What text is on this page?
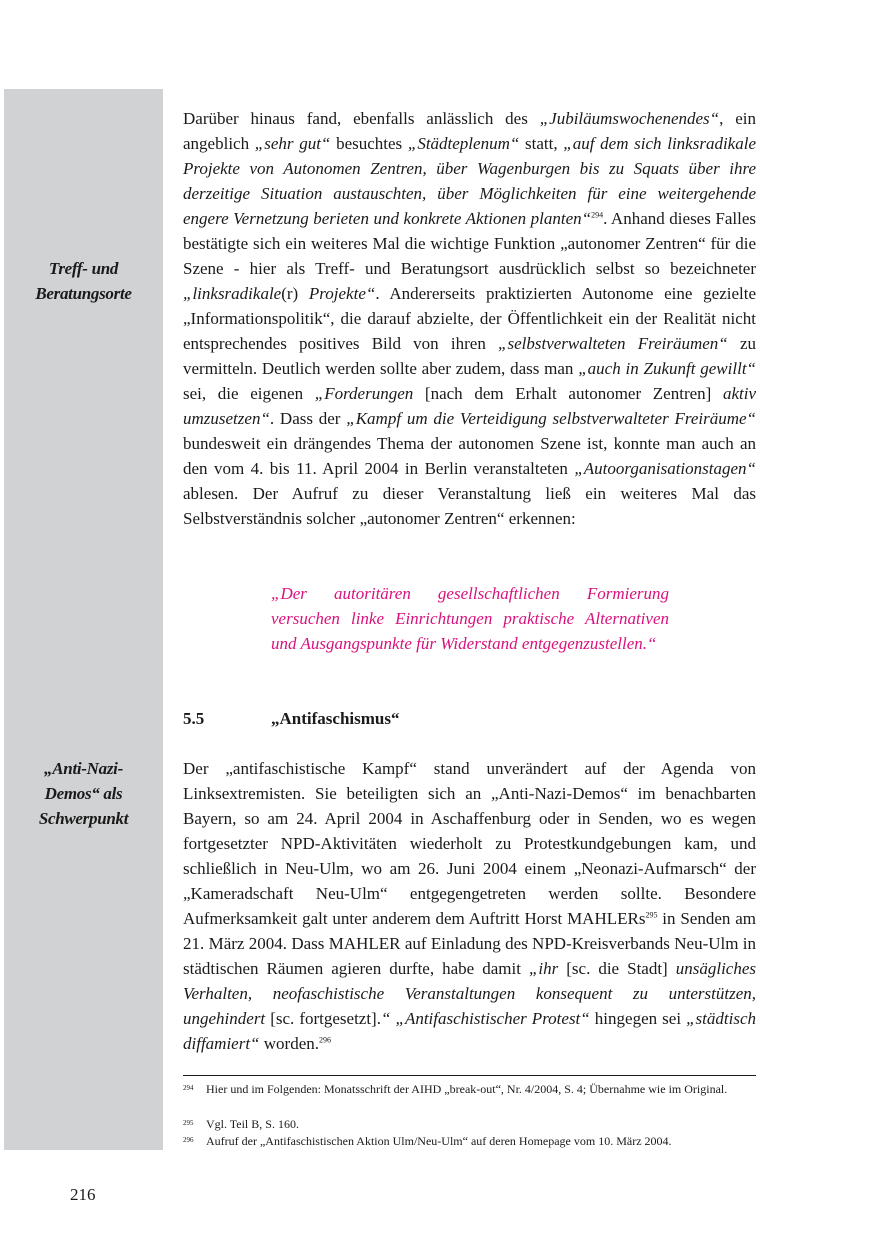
Treff- und
Beratungsorte
„Anti-Nazi-
Demos“ als
Schwerpunkt
Darüber hinaus fand, ebenfalls anlässlich des „Jubiläumswochenendes“, ein angeblich „sehr gut“ besuchtes „Städteplenum“ statt, „auf dem sich linksradikale Projekte von Autonomen Zentren, über Wagenburgen bis zu Squats über ihre derzeitige Situation austauschten, über Möglichkeiten für eine weitergehende engere Vernetzung berieten und konkrete Aktionen planten“$^{294}$. Anhand dieses Falles bestätigte sich ein weiteres Mal die wichtige Funktion „autonomer Zentren“ für die Szene - hier als Treff- und Beratungsort ausdrücklich selbst so bezeichneter „linksradikale(r) Projekte“. Andererseits praktizierten Autonome eine gezielte „Informationspolitik“, die darauf abzielte, der Öffentlichkeit ein der Realität nicht entsprechendes positives Bild von ihren „selbstverwalteten Freiräumen“ zu vermitteln. Deutlich werden sollte aber zudem, dass man „auch in Zukunft gewillt“ sei, die eigenen „Forderungen [nach dem Erhalt autonomer Zentren] aktiv umzusetzen“. Dass der „Kampf um die Verteidigung selbstverwalteter Freiräume“ bundesweit ein drängendes Thema der autonomen Szene ist, konnte man auch an den vom 4. bis 11. April 2004 in Berlin veranstalteten „Autoorganisationstagen“ ablesen. Der Aufruf zu dieser Veranstaltung ließ ein weiteres Mal das Selbstverständnis solcher „autonomer Zentren“ erkennen:
„Der autoritären gesellschaftlichen Formierung versuchen linke Einrichtungen praktische Alternativen und Ausgangspunkte für Widerstand entgegenzustellen.“
5.5	„Antifaschismus“
Der „antifaschistische Kampf“ stand unverändert auf der Agenda von Linksextremisten. Sie beteiligten sich an „Anti-Nazi-Demos“ im benachbarten Bayern, so am 24. April 2004 in Aschaffenburg oder in Senden, wo es wegen fortgesetzter NPD-Aktivitäten wiederholt zu Protestkundgebungen kam, und schließlich in Neu-Ulm, wo am 26. Juni 2004 einem „Neonazi-Aufmarsch“ der „Kameradschaft Neu-Ulm“ entgegengetreten werden sollte. Besondere Aufmerksamkeit galt unter anderem dem Auftritt Horst MAHLERs$^{295}$ in Senden am 21. März 2004. Dass MAHLER auf Einladung des NPD-Kreisverbands Neu-Ulm in städtischen Räumen agieren durfte, habe damit „ihr [sc. die Stadt] unsägliches Verhalten, neofaschistische Veranstaltungen konsequent zu unterstützen, ungehindert [sc. fortgesetzt].“ „Antifaschistischer Protest“ hingegen sei „städtisch diffamiert“ worden.$^{296}$
294	Hier und im Folgenden: Monatsschrift der AIHD „break-out“, Nr. 4/2004, S. 4; Übernahme wie im Original.
295	Vgl. Teil B, S. 160.
296	Aufruf der „Antifaschistischen Aktion Ulm/Neu-Ulm“ auf deren Homepage vom 10. März 2004.
216
